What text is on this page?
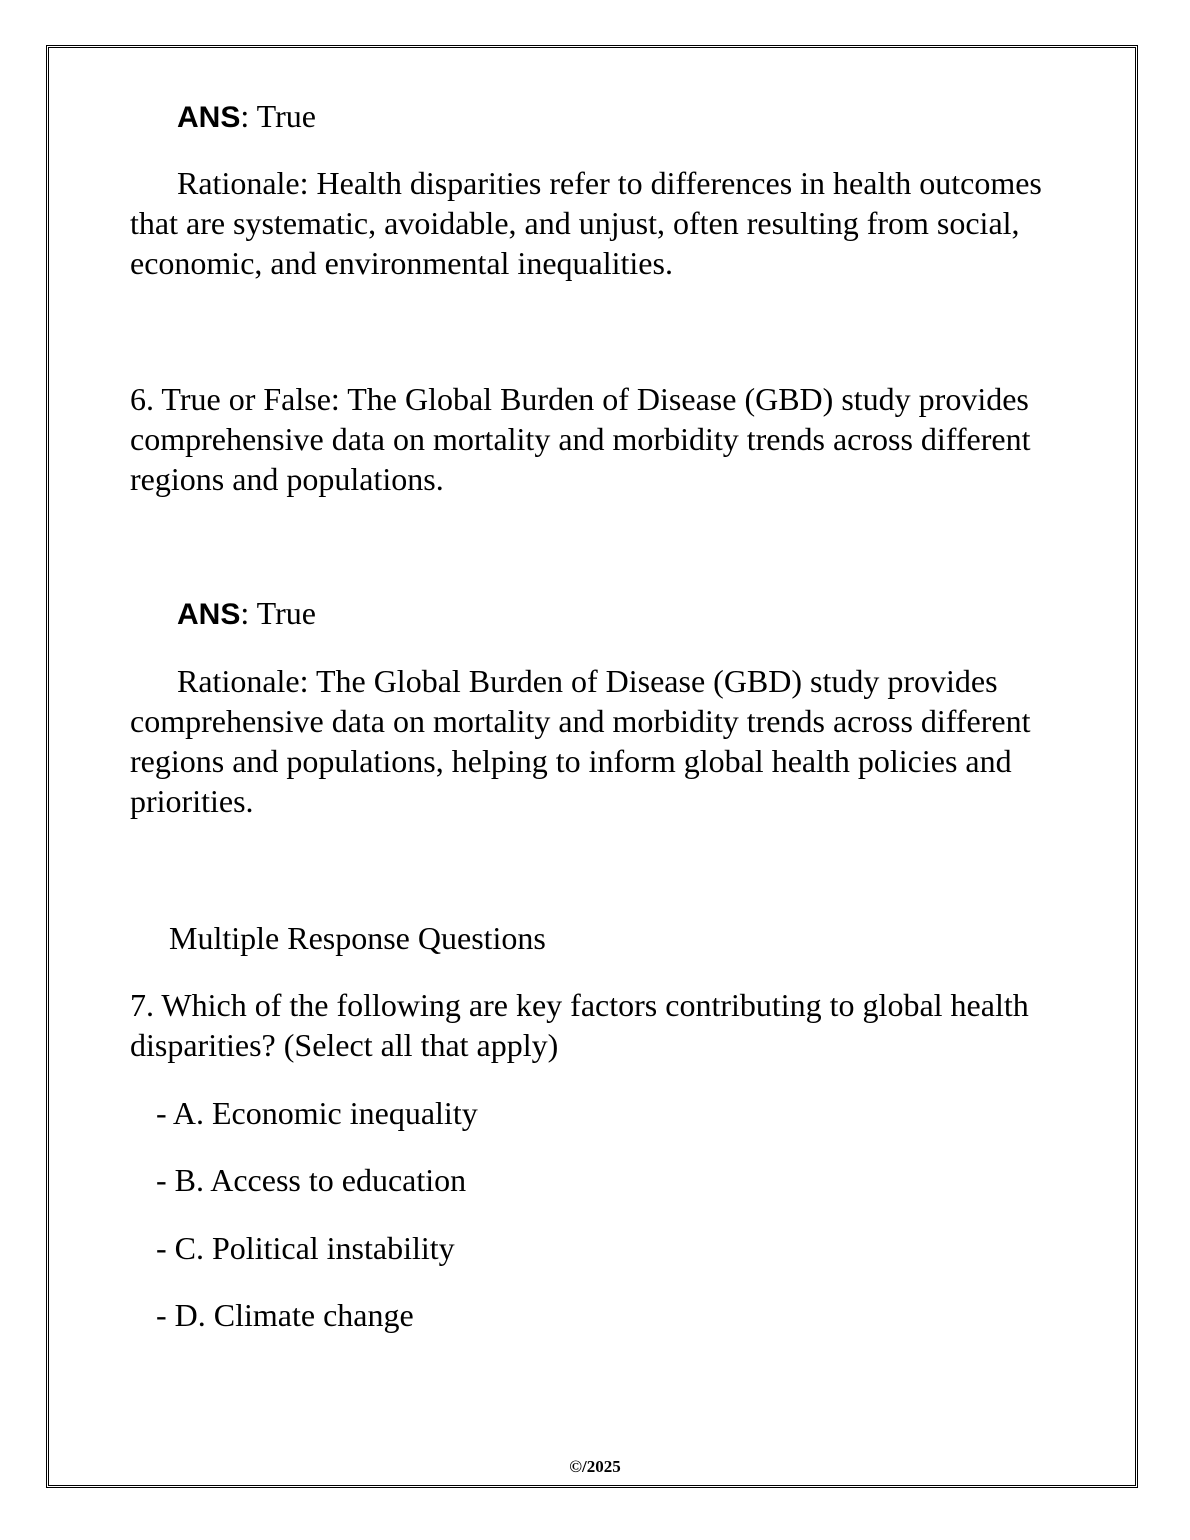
ANS: True

Rationale: Health disparities refer to differences in health outcomes that are systematic, avoidable, and unjust, often resulting from social, economic, and environmental inequalities.

6. True or False: The Global Burden of Disease (GBD) study provides comprehensive data on mortality and morbidity trends across different regions and populations.

ANS: True

Rationale: The Global Burden of Disease (GBD) study provides comprehensive data on mortality and morbidity trends across different regions and populations, helping to inform global health policies and priorities.

Multiple Response Questions

7. Which of the following are key factors contributing to global health disparities? (Select all that apply)

- A. Economic inequality

- B. Access to education

- C. Political instability

- D. Climate change

©/2025
